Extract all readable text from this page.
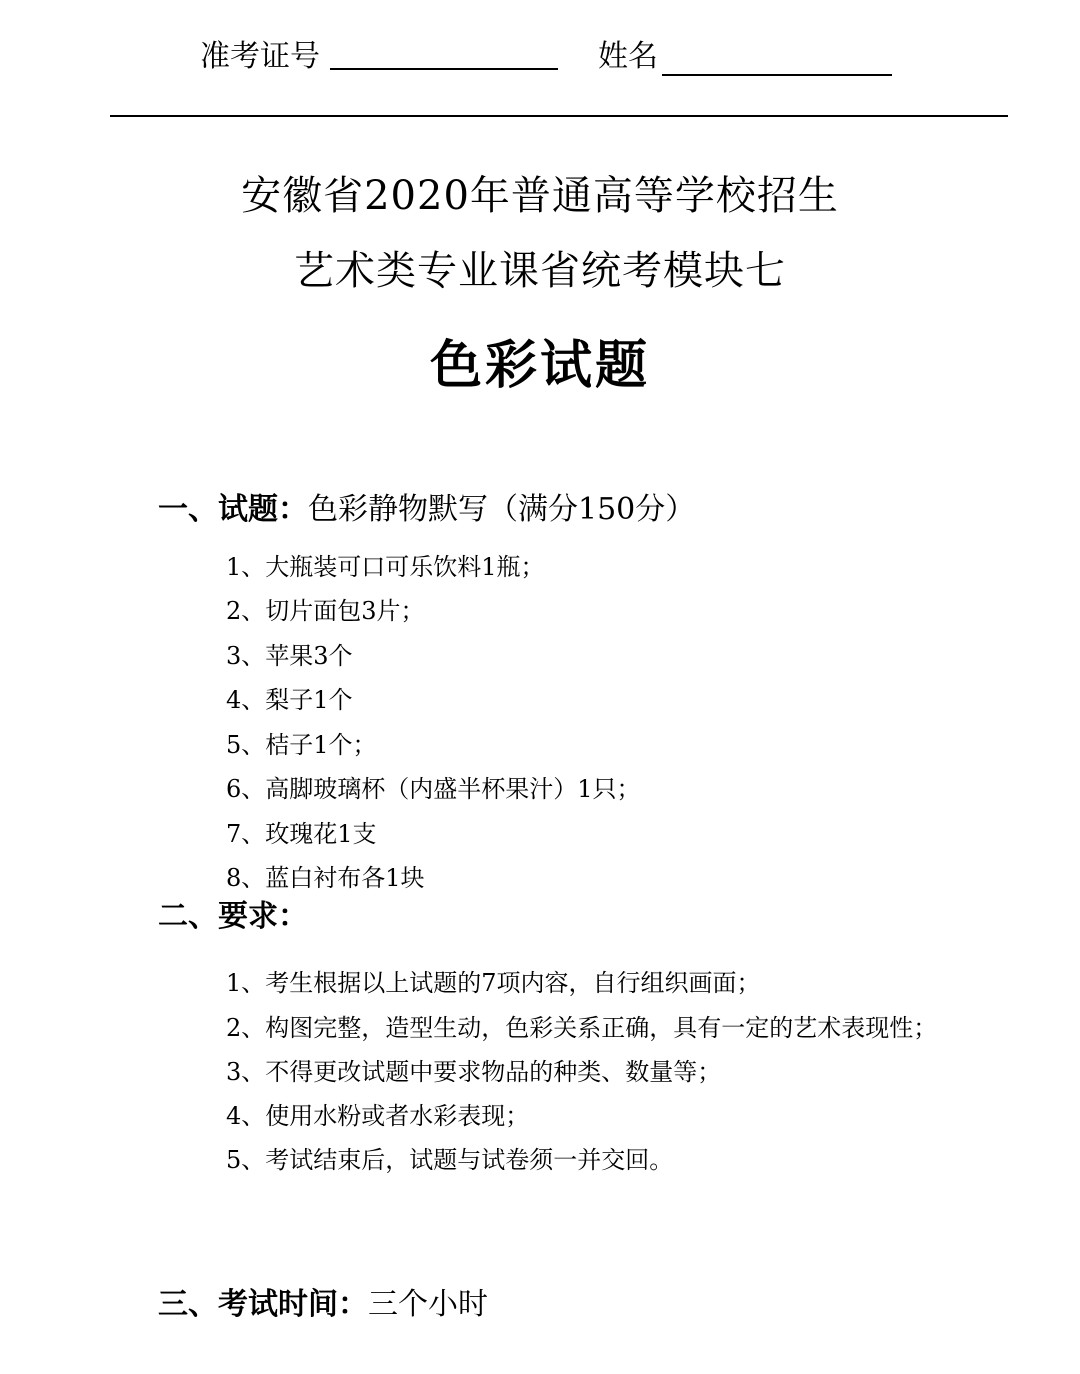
准考证号	姓名
安徽省2020年普通高等学校招生
艺术类专业课省统考模块七
色彩试题
一、试题：色彩静物默写（满分150分）
1、大瓶装可口可乐饮料1瓶；
2、切片面包3片；
3、苹果3个
4、梨子1个
5、桔子1个；
6、高脚玻璃杯（内盛半杯果汁）1只；
7、玫瑰花1支
8、蓝白衬布各1块
二、要求：
1、考生根据以上试题的7项内容，自行组织画面；
2、构图完整，造型生动，色彩关系正确，具有一定的艺术表现性；
3、不得更改试题中要求物品的种类、数量等；
4、使用水粉或者水彩表现；
5、考试结束后，试题与试卷须一并交回。
三、考试时间：三个小时
